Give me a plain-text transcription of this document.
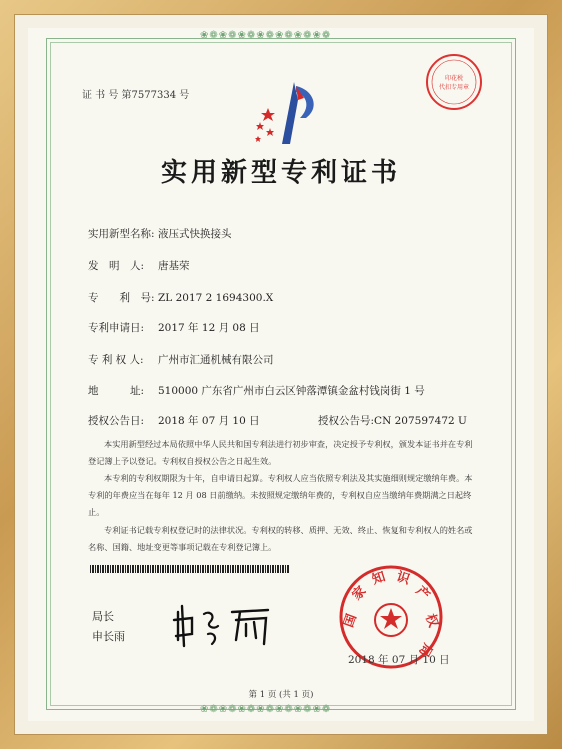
❀❁❀❁❀❁❀❁❀❁❀❁❀❁
❀❁❀❁❀❁❀❁❀❁❀❁❀❁
证 书 号 第7577334 号
印花税
代扣专用章
实用新型专利证书
实用新型名称: 液压式快换接头
发　明　人: 唐基荣
专　　利　号: ZL 2017 2 1694300.X
专利申请日: 2017 年 12 月 08 日
专 利 权 人: 广州市汇通机械有限公司
地　　　址: 510000 广东省广州市白云区钟落潭镇金盆村钱岗街 1 号
授权公告日: 2018 年 07 月 10 日	授权公告号:CN 207597472 U
本实用新型经过本局依照中华人民共和国专利法进行初步审查，决定授予专利权，颁发本证书并在专利登记簿上予以登记。专利权自授权公告之日起生效。
本专利的专利权期限为十年，自申请日起算。专利权人应当依照专利法及其实施细则规定缴纳年费。本专利的年费应当在每年 12 月 08 日前缴纳。未按照规定缴纳年费的，专利权自应当缴纳年费期满之日起终止。
专利证书记载专利权登记时的法律状况。专利权的转移、质押、无效、终止、恢复和专利权人的姓名或名称、国籍、地址变更等事项记载在专利登记簿上。
局长
申长雨
国
家
知 识
产
权
局
2018 年 07 月 10 日
第 1 页 (共 1 页)
